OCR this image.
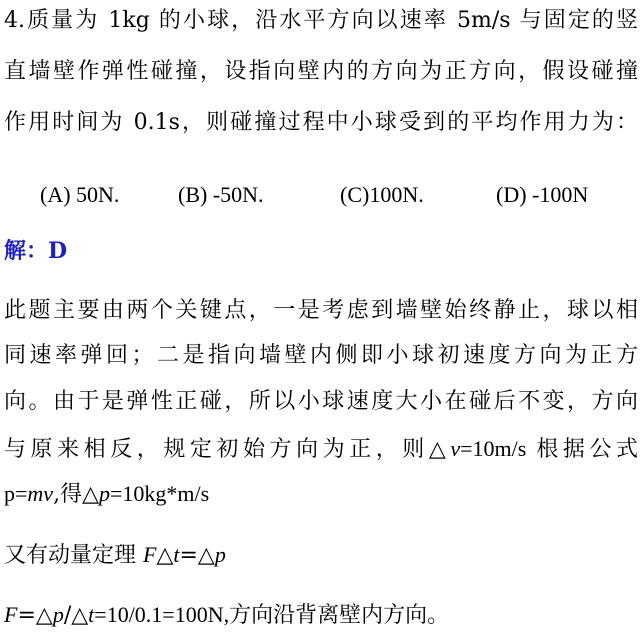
4.质量为 1kg 的小球，沿水平方向以速率 5m/s 与固定的竖
直墙壁作弹性碰撞，设指向壁内的方向为正方向，假设碰撞
作用时间为 0.1s，则碰撞过程中小球受到的平均作用力为：
(A) 50N.	(B) -50N.	(C)100N.	(D) -100N
解：D
此题主要由两个关键点，一是考虑到墙壁始终静止，球以相
同速率弹回；二是指向墙壁内侧即小球初速度方向为正方
向。由于是弹性正碰，所以小球速度大小在碰后不变，方向
与原来相反，规定初始方向为正，则△v=10m/s 根据公式
p=mv,得△p=10kg*m/s
又有动量定理 F△t=△p
F=△p/△t=10/0.1=100N,方向沿背离壁内方向。
